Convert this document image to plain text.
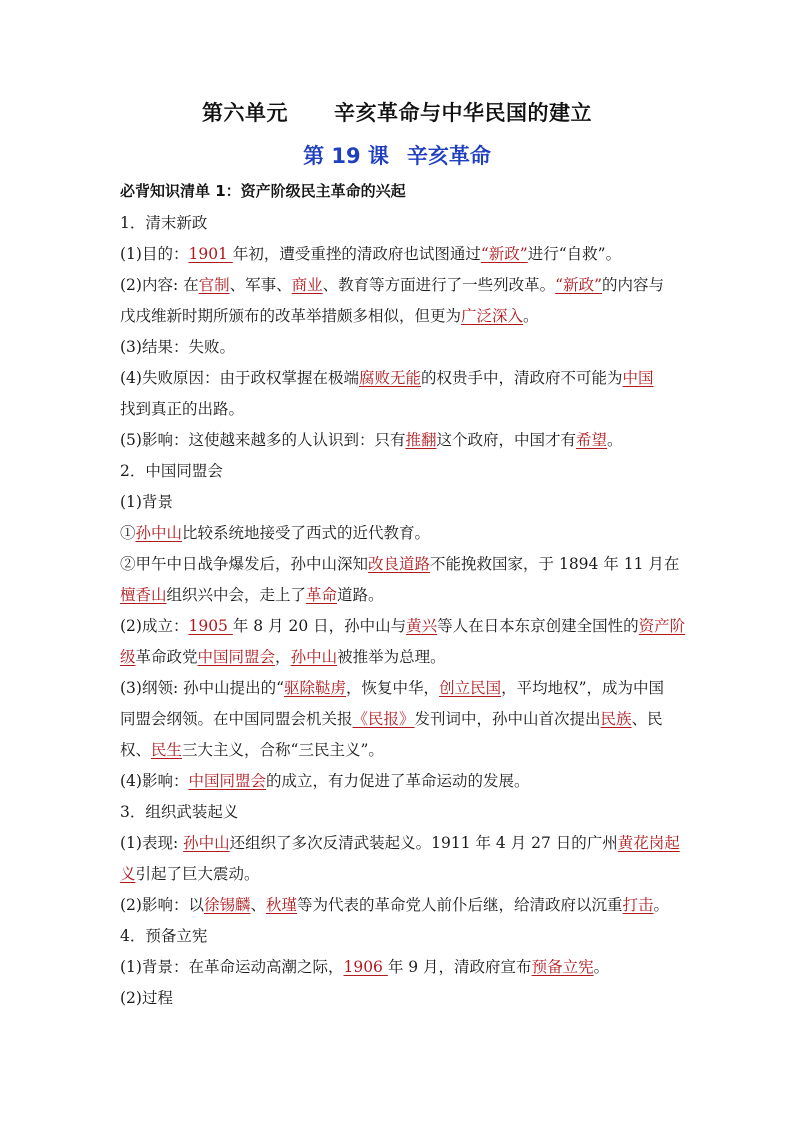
第六单元 辛亥革命与中华民国的建立
第 19 课 辛亥革命
必背知识清单 1：资产阶级民主革命的兴起
1．清末新政
(1)目的：1901 年初，遭受重挫的清政府也试图通过“新政”进行“自救”。
(2)内容: 在官制、军事、商业、教育等方面进行了一些列改革。“新政”的内容与
戊戌维新时期所颁布的改革举措颇多相似，但更为广泛深入。
(3)结果：失败。
(4)失败原因：由于政权掌握在极端腐败无能的权贵手中，清政府不可能为中国
找到真正的出路。
(5)影响：这使越来越多的人认识到：只有推翻这个政府，中国才有希望。
2．中国同盟会
(1)背景
①孙中山比较系统地接受了西式的近代教育。
②甲午中日战争爆发后，孙中山深知改良道路不能挽救国家，于 1894 年 11 月在
檀香山组织兴中会，走上了革命道路。
(2)成立：1905 年 8 月 20 日，孙中山与黄兴等人在日本东京创建全国性的资产阶
级革命政党中国同盟会，孙中山被推举为总理。
(3)纲领: 孙中山提出的“驱除鞑虏，恢复中华，创立民国，平均地权”，成为中国
同盟会纲领。在中国同盟会机关报《民报》发刊词中，孙中山首次提出民族、民
权、民生三大主义，合称“三民主义”。
(4)影响：中国同盟会的成立，有力促进了革命运动的发展。
3．组织武装起义
(1)表现: 孙中山还组织了多次反清武装起义。1911 年 4 月 27 日的广州黄花岗起
义引起了巨大震动。
(2)影响：以徐锡麟、秋瑾等为代表的革命党人前仆后继，给清政府以沉重打击。
4．预备立宪
(1)背景：在革命运动高潮之际，1906 年 9 月，清政府宣布预备立宪。
(2)过程
